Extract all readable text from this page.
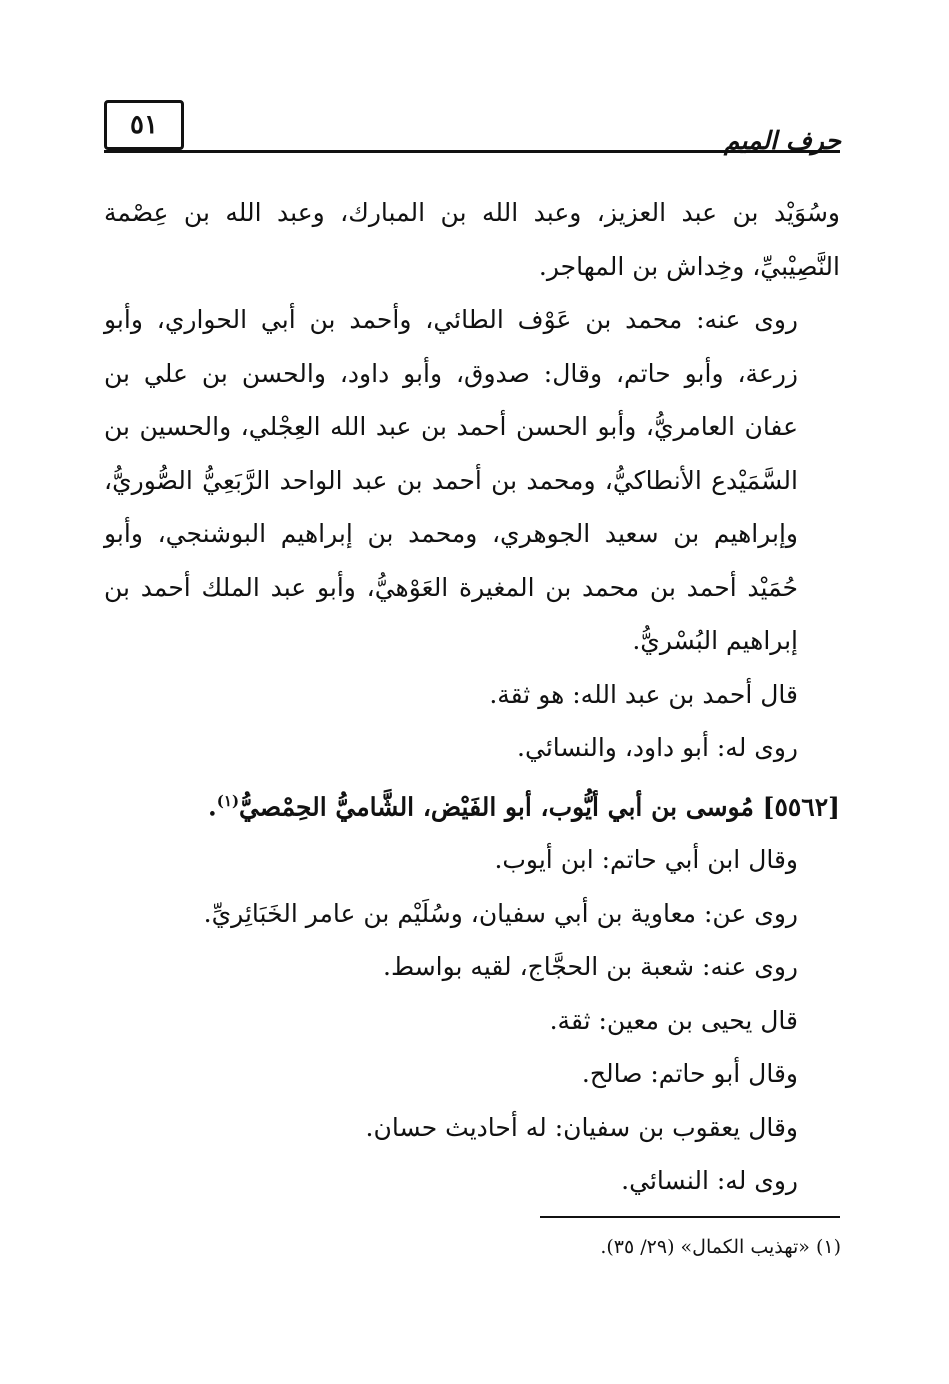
٥١
حرف الميم

وسُوَيْد بن عبد العزيز، وعبد الله بن المبارك، وعبد الله بن عِصْمة النَّصِيْبيِّ، وخِداش بن المهاجر.

روى عنه: محمد بن عَوْف الطائي، وأحمد بن أبي الحواري، وأبو زرعة، وأبو حاتم، وقال: صدوق، وأبو داود، والحسن بن علي بن عفان العامريُّ، وأبو الحسن أحمد بن عبد الله العِجْلي، والحسين بن السَّمَيْدع الأنطاكيُّ، ومحمد بن أحمد بن عبد الواحد الرَّبَعِيُّ الصُّوريُّ، وإبراهيم بن سعيد الجوهري، ومحمد بن إبراهيم البوشنجي، وأبو حُمَيْد أحمد بن محمد بن المغيرة العَوْهيُّ، وأبو عبد الملك أحمد بن إبراهيم البُسْريُّ.

قال أحمد بن عبد الله: هو ثقة.

روى له: أبو داود، والنسائي.

[٥٥٦٢] مُوسى بن أبي أيُّوب، أبو الفَيْض، الشَّاميُّ الحِمْصيُّ$^{(١)}$.

وقال ابن أبي حاتم: ابن أيوب.

روى عن: معاوية بن أبي سفيان، وسُلَيْم بن عامر الخَبَائِريِّ.

روى عنه: شعبة بن الحجَّاج، لقيه بواسط.

قال يحيى بن معين: ثقة.

وقال أبو حاتم: صالح.

وقال يعقوب بن سفيان: له أحاديث حسان.

روى له: النسائي.

(١) «تهذيب الكمال» (٢٩/ ٣٥).
